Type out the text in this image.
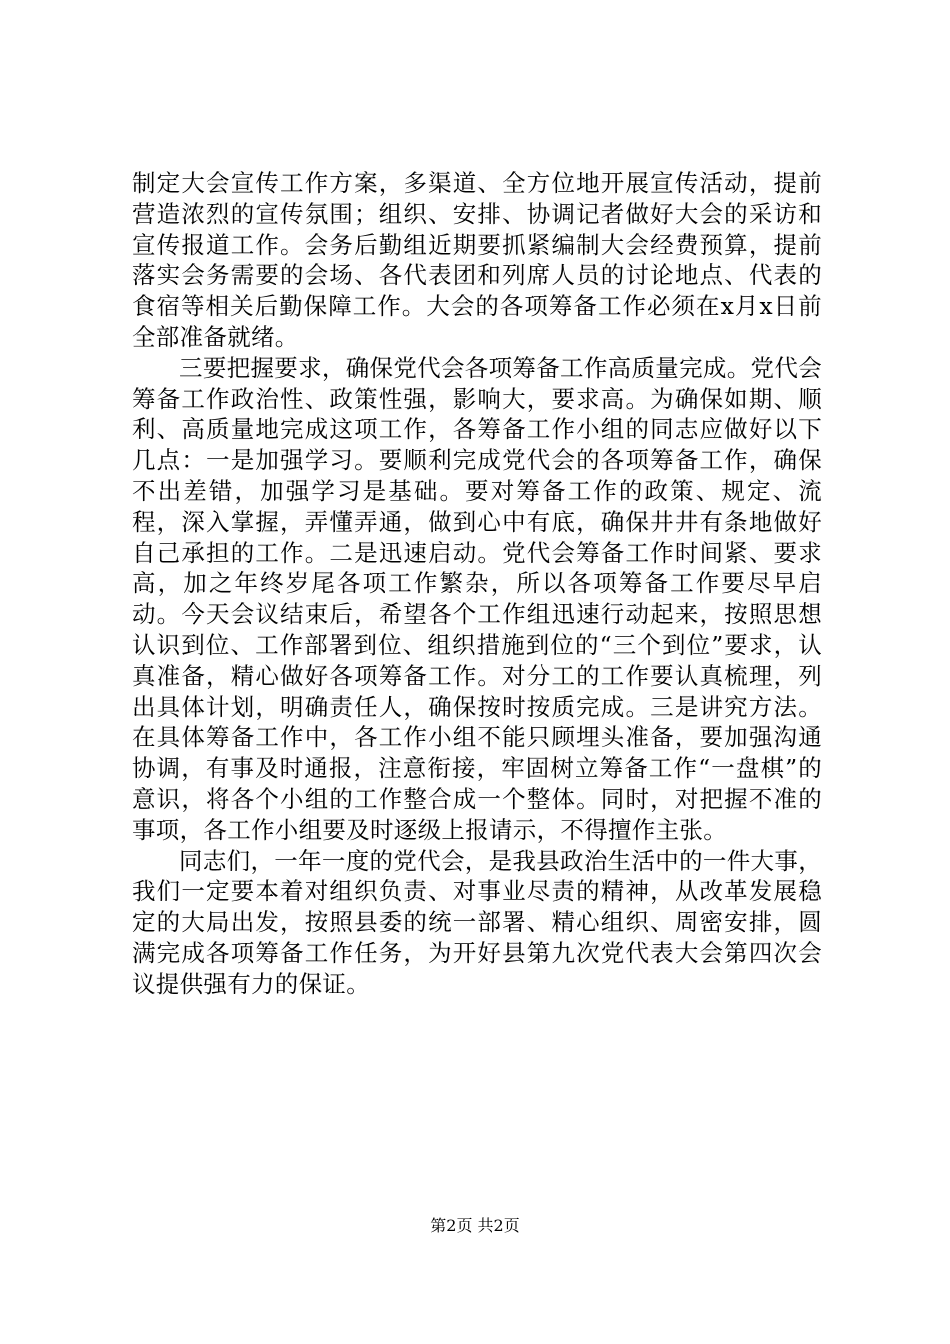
制定大会宣传工作方案，多渠道、全方位地开展宣传活动，提前营造浓烈的宣传氛围；组织、安排、协调记者做好大会的采访和宣传报道工作。会务后勤组近期要抓紧编制大会经费预算，提前落实会务需要的会场、各代表团和列席人员的讨论地点、代表的食宿等相关后勤保障工作。大会的各项筹备工作必须在x月x日前全部准备就绪。

三要把握要求，确保党代会各项筹备工作高质量完成。党代会筹备工作政治性、政策性强，影响大，要求高。为确保如期、顺利、高质量地完成这项工作，各筹备工作小组的同志应做好以下几点：一是加强学习。要顺利完成党代会的各项筹备工作，确保不出差错，加强学习是基础。要对筹备工作的政策、规定、流程，深入掌握，弄懂弄通，做到心中有底，确保井井有条地做好自己承担的工作。二是迅速启动。党代会筹备工作时间紧、要求高，加之年终岁尾各项工作繁杂，所以各项筹备工作要尽早启动。今天会议结束后，希望各个工作组迅速行动起来，按照思想认识到位、工作部署到位、组织措施到位的“三个到位”要求，认真准备，精心做好各项筹备工作。对分工的工作要认真梳理，列出具体计划，明确责任人，确保按时按质完成。三是讲究方法。在具体筹备工作中，各工作小组不能只顾埋头准备，要加强沟通协调，有事及时通报，注意衔接，牢固树立筹备工作“一盘棋”的意识，将各个小组的工作整合成一个整体。同时，对把握不准的事项，各工作小组要及时逐级上报请示，不得擅作主张。

同志们，一年一度的党代会，是我县政治生活中的一件大事，我们一定要本着对组织负责、对事业尽责的精神，从改革发展稳定的大局出发，按照县委的统一部署、精心组织、周密安排，圆满完成各项筹备工作任务，为开好县第九次党代表大会第四次会议提供强有力的保证。

第2页 共2页
